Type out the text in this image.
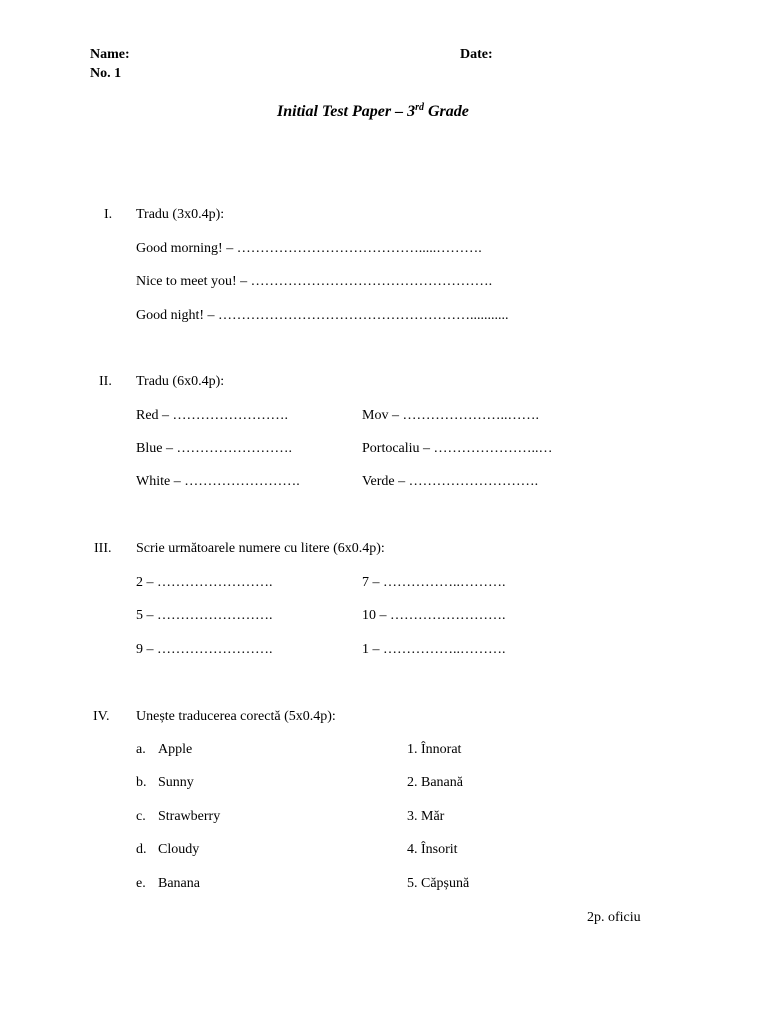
Name:	Date:
No. 1
Initial Test Paper – 3rd Grade
I. Tradu (3x0.4p):
Good morning! – ………………………………….....……….
Nice to meet you! – …………………………………………….
Good night! – ………………………………………………...........
II. Tradu (6x0.4p):
Red – …………………….
Blue – …………………….
White – …………………….
Mov – …………………..…….
Portocaliu – …………………..…
Verde – ……………………….
III. Scrie următoarele numere cu litere (6x0.4p):
2 – …………………….
5 – …………………….
9 – …………………….
7 – ……………..……….
10 – …………………….
1 – ……………..……….
IV. Unește traducerea corectă (5x0.4p):
a. Apple
b. Sunny
c. Strawberry
d. Cloudy
e. Banana
1. Înnorat
2. Banană
3. Măr
4. Însorit
5. Căpșună
2p. oficiu
